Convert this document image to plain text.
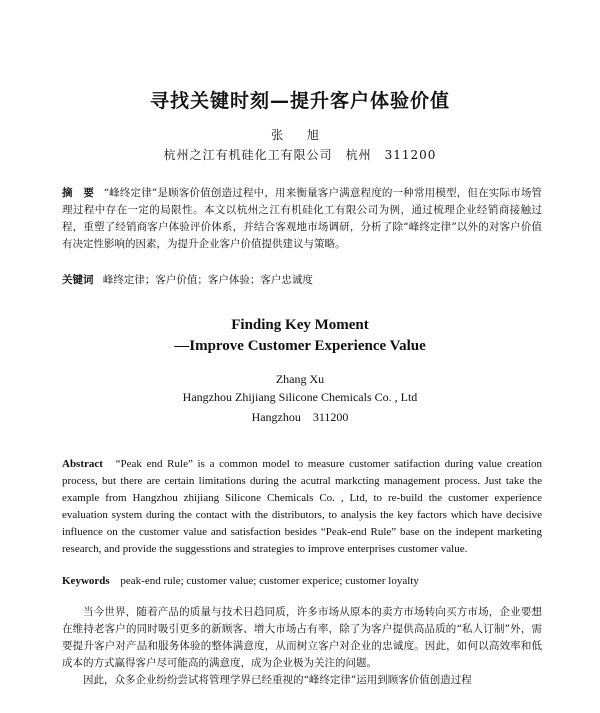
寻找关键时刻—提升客户体验价值
张 旭
杭州之江有机硅化工有限公司　杭州　311200
摘　要 “峰终定律”是顾客价值创造过程中，用来衡量客户满意程度的一种常用模型，但在实际市场管理过程中存在一定的局限性。本文以杭州之江有机硅化工有限公司为例，通过梳理企业经销商接触过程，重塑了经销商客户体验评价体系，并结合客观地市场调研，分析了除“峰终定律”以外的对客户价值有决定性影响的因素，为提升企业客户价值提供建议与策略。
关键词 峰终定律；客户价值；客户体验；客户忠诚度
Finding Key Moment
—Improve Customer Experience Value
Zhang Xu
Hangzhou Zhijiang Silicone Chemicals Co. , Ltd
Hangzhou　311200
Abstract “Peak end Rule” is a common model to measure customer satifaction during value creation process, but there are certain limitations during the acutral markcting management process. Just take the example from Hangzhou zhijiang Silicone Chemicals Co. , Ltd, to re-build the customer experience evaluation system during the contact with the distributors, to analysis the key factors which have decisive influence on the customer value and satisfaction besides “Peak-end Rule” base on the indepent marketing research, and provide the suggesstions and strategies to improve enterprises customer value.
Keywords peak-end rule; customer value; customer experice; customer loyalty

当今世界，随着产品的质量与技术日趋同质，许多市场从原本的卖方市场转向买方市场，企业要想在维持老客户的同时吸引更多的新顾客、增大市场占有率，除了为客户提供高品质的“私人订制”外，需要提升客户对产品和服务体验的整体满意度，从而树立客户对企业的忠诚度。因此，如何以高效率和低成本的方式赢得客户尽可能高的满意度，成为企业极为关注的问题。

因此，众多企业纷纷尝试将管理学界已经重视的“峰终定律”运用到顾客价值创造过程
